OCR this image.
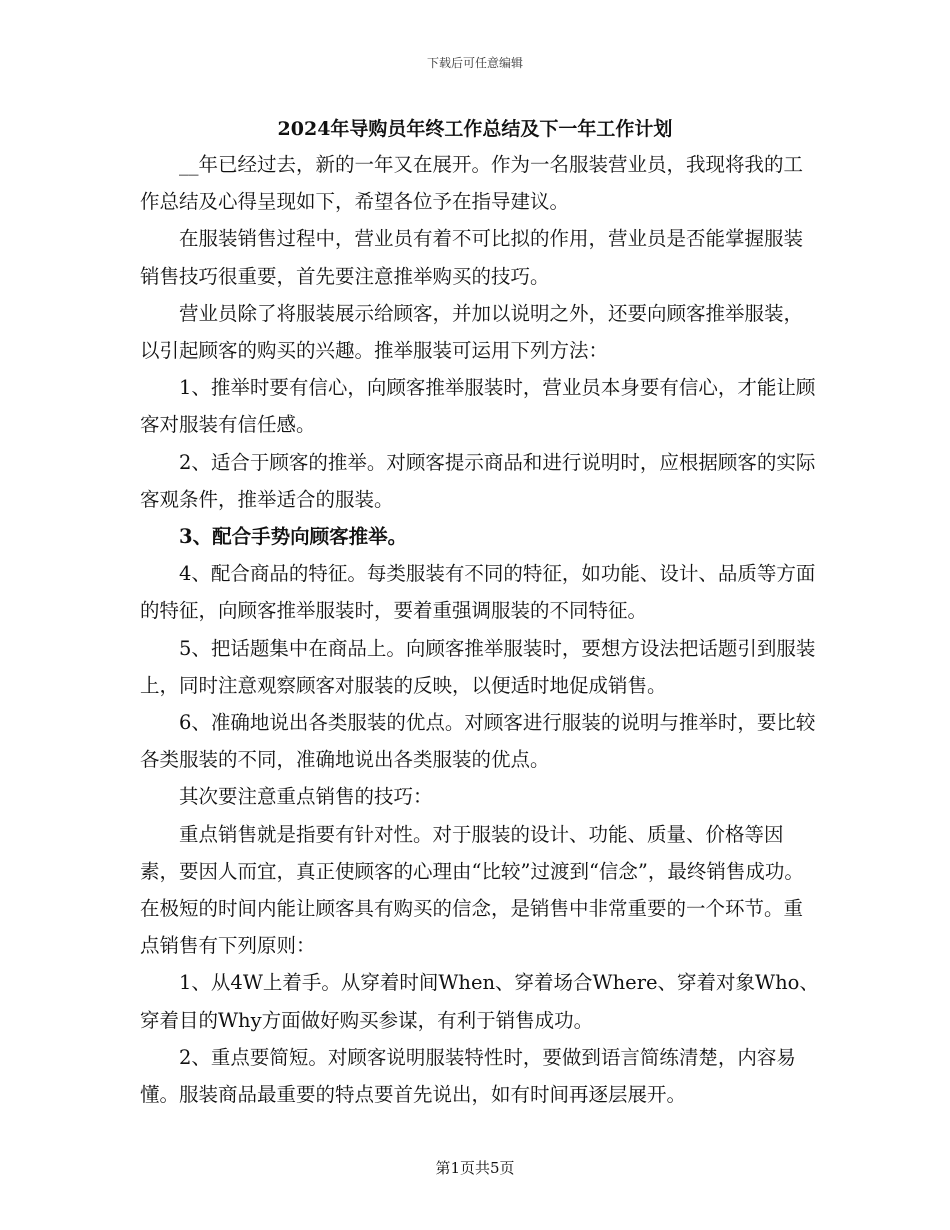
下载后可任意编辑
2024年导购员年终工作总结及下一年工作计划

__年已经过去，新的一年又在展开。作为一名服装营业员，我现将我的工作总结及心得呈现如下，希望各位予在指导建议。

在服装销售过程中，营业员有着不可比拟的作用，营业员是否能掌握服装销售技巧很重要，首先要注意推举购买的技巧。

营业员除了将服装展示给顾客，并加以说明之外，还要向顾客推举服装，以引起顾客的购买的兴趣。推举服装可运用下列方法：

1、推举时要有信心，向顾客推举服装时，营业员本身要有信心，才能让顾客对服装有信任感。

2、适合于顾客的推举。对顾客提示商品和进行说明时，应根据顾客的实际客观条件，推举适合的服装。

3、配合手势向顾客推举。

4、配合商品的特征。每类服装有不同的特征，如功能、设计、品质等方面的特征，向顾客推举服装时，要着重强调服装的不同特征。

5、把话题集中在商品上。向顾客推举服装时，要想方设法把话题引到服装上，同时注意观察顾客对服装的反映，以便适时地促成销售。

6、准确地说出各类服装的优点。对顾客进行服装的说明与推举时，要比较各类服装的不同，准确地说出各类服装的优点。

其次要注意重点销售的技巧：

重点销售就是指要有针对性。对于服装的设计、功能、质量、价格等因素，要因人而宜，真正使顾客的心理由“比较”过渡到“信念”，最终销售成功。在极短的时间内能让顾客具有购买的信念，是销售中非常重要的一个环节。重点销售有下列原则：

1、从4W上着手。从穿着时间When、穿着场合Where、穿着对象Who、穿着目的Why方面做好购买参谋，有利于销售成功。

2、重点要简短。对顾客说明服装特性时，要做到语言简练清楚，内容易懂。服装商品最重要的特点要首先说出，如有时间再逐层展开。

第1页共5页
